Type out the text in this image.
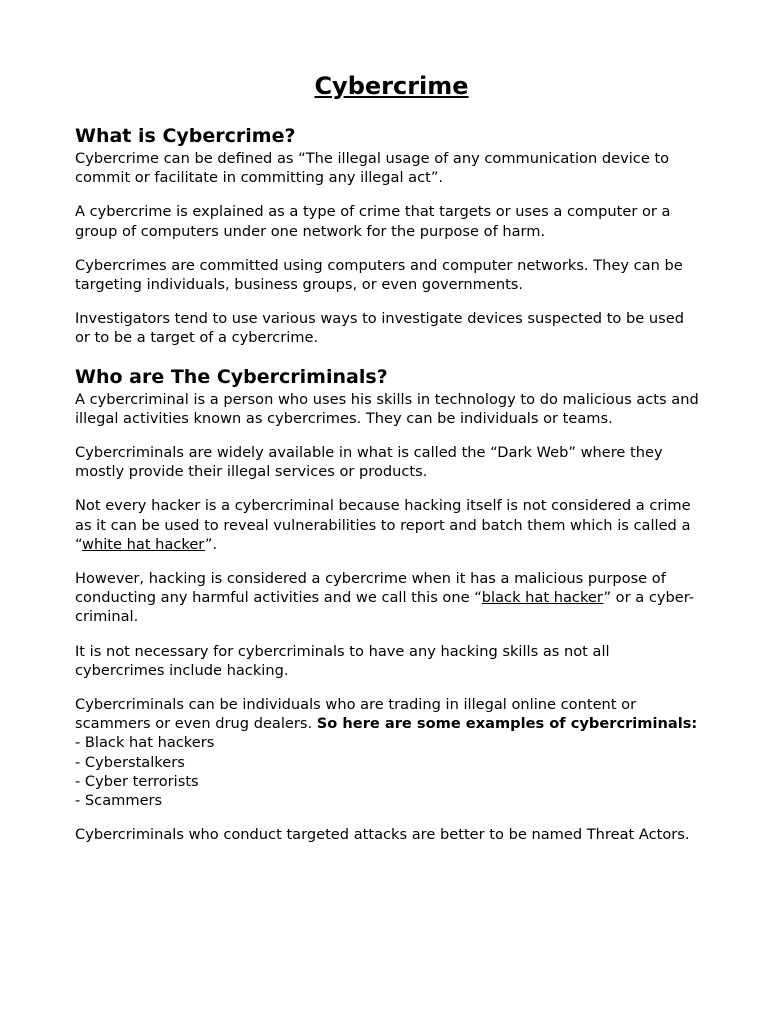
Cybercrime
What is Cybercrime?

Cybercrime can be defined as “The illegal usage of any communication device to commit or facilitate in committing any illegal act”.

A cybercrime is explained as a type of crime that targets or uses a computer or a group of computers under one network for the purpose of harm.

Cybercrimes are committed using computers and computer networks. They can be targeting individuals, business groups, or even governments.

Investigators tend to use various ways to investigate devices suspected to be used or to be a target of a cybercrime.

Who are The Cybercriminals?

A cybercriminal is a person who uses his skills in technology to do malicious acts and illegal activities known as cybercrimes. They can be individuals or teams.

Cybercriminals are widely available in what is called the “Dark Web” where they mostly provide their illegal services or products.

Not every hacker is a cybercriminal because hacking itself is not considered a crime as it can be used to reveal vulnerabilities to report and batch them which is called a “white hat hacker”.

However, hacking is considered a cybercrime when it has a malicious purpose of conducting any harmful activities and we call this one “black hat hacker” or a cyber-criminal.

It is not necessary for cybercriminals to have any hacking skills as not all cybercrimes include hacking.

Cybercriminals can be individuals who are trading in illegal online content or scammers or even drug dealers. So here are some examples of cybercriminals:
- Black hat hackers
- Cyberstalkers
- Cyber terrorists
- Scammers

Cybercriminals who conduct targeted attacks are better to be named Threat Actors.
